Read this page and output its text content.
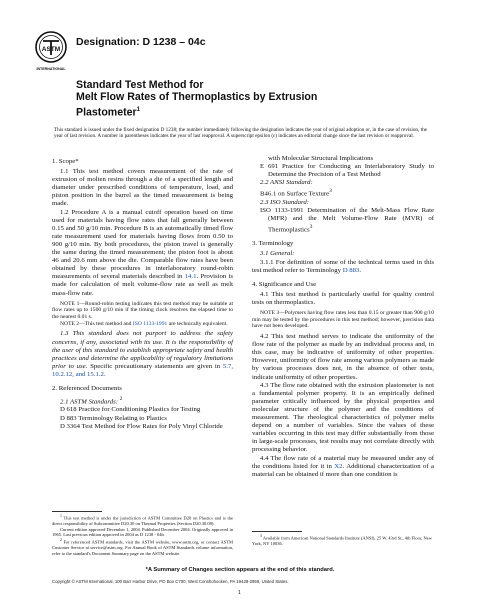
ASTM
INTERNATIONAL
Designation: D 1238 – 04c
Standard Test Method for
Melt Flow Rates of Thermoplastics by Extrusion
Plastometer$^1$
This standard is issued under the fixed designation D 1238; the number immediately following the designation indicates the year of original adoption or, in the case of revision, the year of last revision. A number in parentheses indicates the year of last reapproval. A superscript epsilon (ε) indicates an editorial change since the last revision or reapproval.

1. Scope*

1.1 This test method covers measurement of the rate of extrusion of molten resins through a die of a specified length and diameter under prescribed conditions of temperature, load, and piston position in the barrel as the timed measurement is being made.

1.2 Procedure A is a manual cutoff operation based on time used for materials having flow rates that fall generally between 0.15 and 50 g/10 min. Procedure B is an automatically timed flow rate measurement used for materials having flows from 0.50 to 900 g/10 min. By both procedures, the piston travel is generally the same during the timed measurement; the piston foot is about 46 and 20.6 mm above the die. Comparable flow rates have been obtained by these procedures in interlaboratory round-robin measurements of several materials described in 14.1. Provision is made for calculation of melt volume-flow rate as well as melt mass-flow rate.

NOTE 1—Round-robin testing indicates this test method may be suitable at flow rates up to 1500 g/10 min if the timing clock resolves the elapsed time to the nearest 0.01 s.

NOTE 2—This test method and ISO 1133-1991 are technically equivalent.

1.3 This standard does not purport to address the safety concerns, if any, associated with its use. It is the responsibility of the user of this standard to establish appropriate safety and health practices and determine the applicability of regulatory limitations prior to use. Specific precautionary statements are given in 5.7, 10.2.12, and 15.1.2.

2. Referenced Documents

2.1 ASTM Standards: $^2$

D 618 Practice for Conditioning Plastics for Testing

D 883 Terminology Relating to Plastics

D 3364 Test Method for Flow Rates for Poly Vinyl Chloride

$^1$ This test method is under the jurisdiction of ASTM Committee D20 on Plastics and is the direct responsibility of Subcommittee D20.30 on Thermal Properties (Section D20.30.08).
Current edition approved December 1, 2004. Published December 2004. Originally approved in 1965. Last previous edition approved in 2004 as D 1238 - 04b.
$^2$ For referenced ASTM standards, visit the ASTM website, www.astm.org, or contact ASTM Customer Service at service@astm.org. For Annual Book of ASTM Standards volume information, refer to the standard's Document Summary page on the ASTM website.

with Molecular Structural Implications

E 691 Practice for Conducting an Interlaboratory Study to Determine the Precision of a Test Method

2.2 ANSI Standard:

B46.1 on Surface Texture$^3$

2.3 ISO Standard:

ISO 1133-1991 Determination of the Melt-Mass Flow Rate (MFR) and the Melt Volume-Flow Rate (MVR) of Thermoplastics$^3$

3. Terminology

3.1 General:

3.1.1 For definition of some of the technical terms used in this test method refer to Terminology D 883.

4. Significance and Use

4.1 This test method is particularly useful for quality control tests on thermoplastics.

NOTE 3—Polymers having flow rates less than 0.15 or greater than 900 g/10 min may be tested by the procedures in this test method; however, precision data have not been developed.

4.2 This test method serves to indicate the uniformity of the flow rate of the polymer as made by an individual process and, in this case, may be indicative of uniformity of other properties. However, uniformity of flow rate among various polymers as made by various processes does not, in the absence of other tests, indicate uniformity of other properties.

4.3 The flow rate obtained with the extrusion plastometer is not a fundamental polymer property. It is an empirically defined parameter critically influenced by the physical properties and molecular structure of the polymer and the conditions of measurement. The rheological characteristics of polymer melts depend on a number of variables. Since the values of these variables occurring in this test may differ substantially from those in large-scale processes, test results may not correlate directly with processing behavior.

4.4 The flow rate of a material may be measured under any of the conditions listed for it in X2. Additional characterization of a material can be obtained if more than one condition is

$^3$ Available from American National Standards Institute (ANSI), 25 W. 43rd St., 4th Floor, New York, NY 10036.
*A Summary of Changes section appears at the end of this standard.
Copyright © ASTM International, 100 Barr Harbor Drive, PO Box C700, West Conshohocken, PA 19428-2959, United States.
1
